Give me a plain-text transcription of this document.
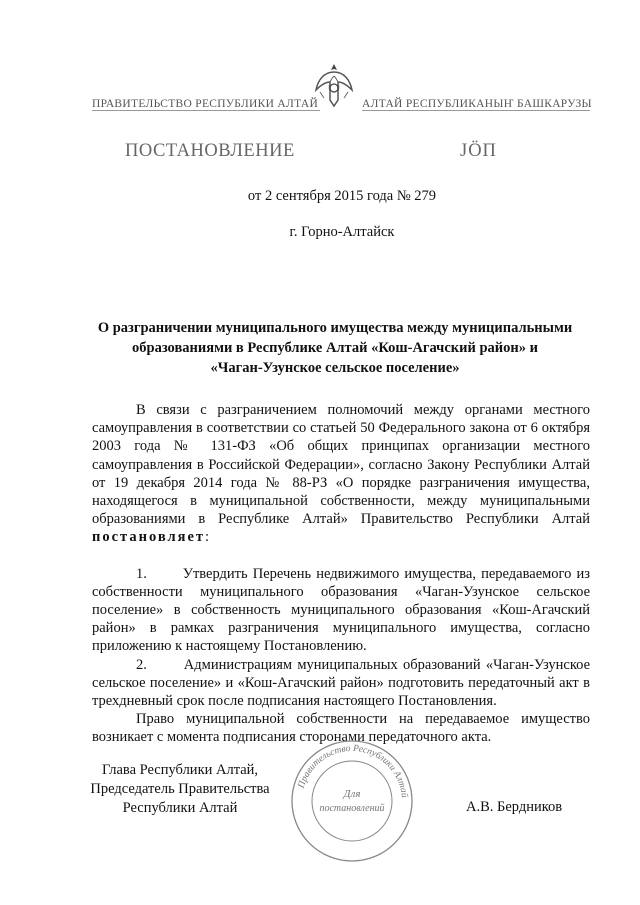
ПРАВИТЕЛЬСТВО РЕСПУБЛИКИ АЛТАЙ	АЛТАЙ РЕСПУБЛИКАНЫҤ БАШКАРУЗЫ
ПОСТАНОВЛЕНИЕ	JӦП
от 2 сентября 2015 года № 279
г. Горно-Алтайск
О разграничении муниципального имущества между муниципальными
образованиями в Республике Алтай «Кош-Агачский район» и
«Чаган-Узунское сельское поселение»

В связи с разграничением полномочий между органами местного самоуправления в соответствии со статьей 50 Федерального закона от 6 октября 2003 года № 131-ФЗ «Об общих принципах организации местного самоуправления в Российской Федерации», согласно Закону Республики Алтай от 19 декабря 2014 года № 88-РЗ «О порядке разграничения имущества, находящегося в муниципальной собственности, между муниципальными образованиями в Республике Алтай» Правительство Республики Алтай постановляет:

1. Утвердить Перечень недвижимого имущества, передаваемого из собственности муниципального образования «Чаган-Узунское сельское поселение» в собственность муниципального образования «Кош-Агачский район» в рамках разграничения муниципального имущества, согласно приложению к настоящему Постановлению.

2.	Администрациям муниципальных образований «Чаган-Узунское сельское поселение» и «Кош-Агачский район» подготовить передаточный акт в трехдневный срок после подписания настоящего Постановления.

Право муниципальной собственности на передаваемое имущество возникает с момента подписания сторонами передаточного акта.

Глава Республики Алтай,
Председатель Правительства
Республики Алтай	А.В. Бердников
Правительство Республики Алтай
Для
постановлений
